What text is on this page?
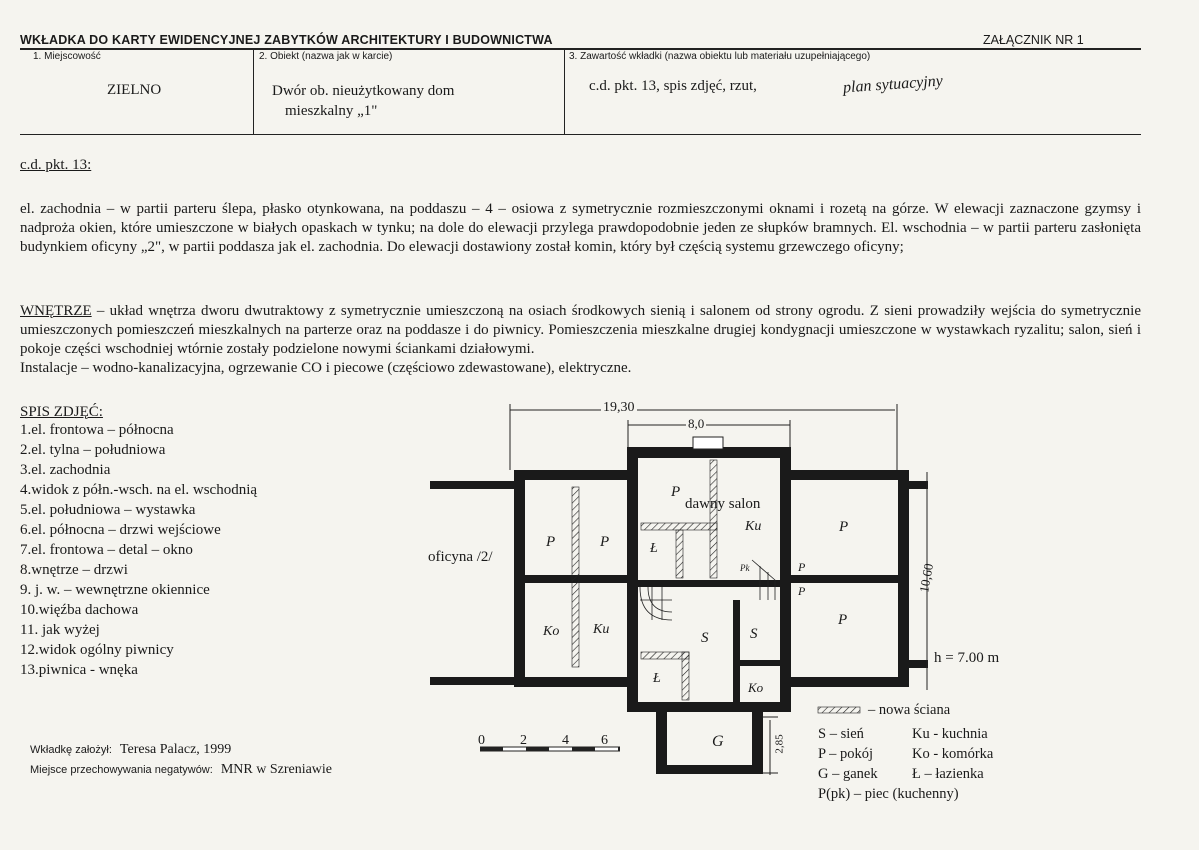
WKŁADKA DO KARTY EWIDENCYJNEJ ZABYTKÓW ARCHITEKTURY I BUDOWNICTWA	ZAŁĄCZNIK NR 1
1. Miejscowość
ZIELNO
2. Obiekt (nazwa jak w karcie)
Dwór ob. nieużytkowany dom
mieszkalny „1"
3. Zawartość wkładki (nazwa obiektu lub materiału uzupełniającego)
c.d. pkt. 13, spis zdjęć, rzut,	plan sytuacyjny
c.d. pkt. 13:
el. zachodnia – w partii parteru ślepa, płasko otynkowana, na poddaszu – 4 – osiowa z symetrycznie rozmieszczonymi oknami i rozetą na górze. W elewacji zaznaczone gzymsy i nadproża okien, które umieszczone w białych opaskach w tynku; na dole do elewacji przylega prawdopodobnie jeden ze słupków bramnych. El. wschodnia – w partii parteru zasłonięta budynkiem oficyny „2", w partii poddasza jak el. zachodnia. Do elewacji dostawiony został komin, który był częścią systemu grzewczego oficyny;
WNĘTRZE – układ wnętrza dworu dwutraktowy z symetrycznie umieszczoną na osiach środkowych sienią i salonem od strony ogrodu. Z sieni prowadziły wejścia do symetrycznie umieszczonych pomieszczeń mieszkalnych na parterze oraz na poddasze i do piwnicy. Pomieszczenia mieszkalne drugiej kondygnacji umieszczone w wystawkach ryzalitu; salon, sień i pokoje części wschodniej wtórnie zostały podzielone nowymi ściankami działowymi.
Instalacje – wodno-kanalizacyjna, ogrzewanie CO i piecowe (częściowo zdewastowane), elektryczne.
SPIS ZDJĘĆ:
1.el. frontowa – północna
2.el. tylna – południowa
3.el. zachodnia
4.widok z półn.-wsch. na el. wschodnią
5.el. południowa – wystawka
6.el. północna – drzwi wejściowe
7.el. frontowa – detal – okno
8.wnętrze – drzwi
9. j. w. – wewnętrzne okiennice
10.więźba dachowa
11. jak wyżej
12.widok ogólny piwnicy
13.piwnica - wnęka
Wkładkę założył: Teresa Palacz, 1999
Miejsce przechowywania negatywów: MNR w Szreniawie
19,30
8,0
10,60
2,85
h = 7.00 m
oficyna /2/
dawny salon
P	P
P
P
P
P
P
Ku
Ku
Ko
Ko
Ł
Ł
S	S
G
Pk
0	2	4 6
– nowa ściana
S – sień	Ku - kuchnia
P – pokój	Ko - komórka
G – ganek Ł – łazienka
P(pk) – piec (kuchenny)
